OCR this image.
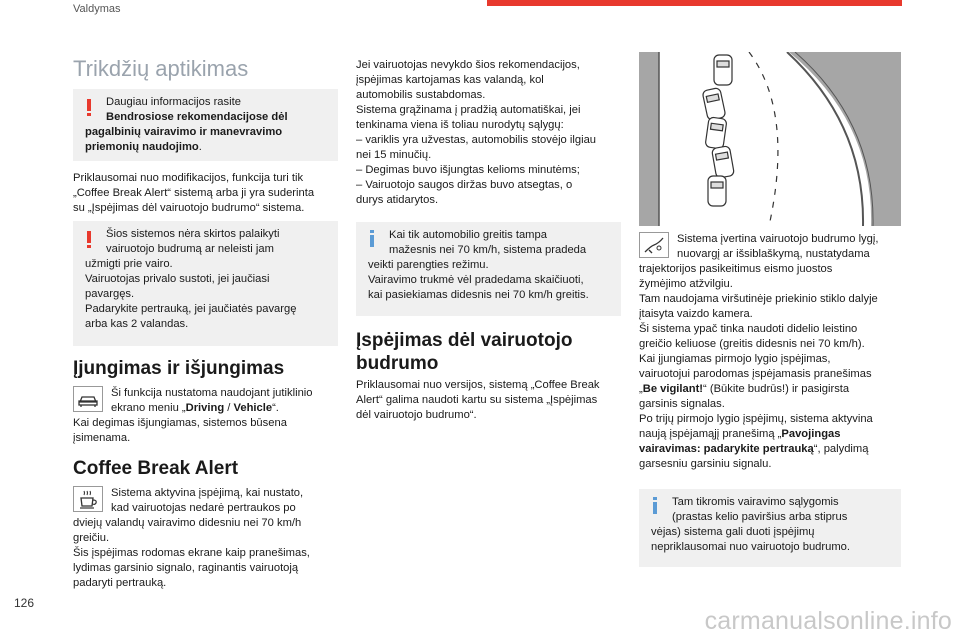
Valdymas
Trikdžių aptikimas
Daugiau informacijos rasite
Bendrosiose rekomendacijose dėl
pagalbinių vairavimo ir manevravimo
priemonių naudojimo.
Priklausomai nuo modifikacijos, funkcija turi tik
„Coffee Break Alert“ sistemą arba ji yra suderinta
su „Įspėjimas dėl vairuotojo budrumo“ sistema.
Šios sistemos nėra skirtos palaikyti
vairuotojo budrumą ar neleisti jam
užmigti prie vairo.
Vairuotojas privalo sustoti, jei jaučiasi
pavargęs.
Padarykite pertrauką, jei jaučiatės pavargę
arba kas 2 valandas.
Įjungimas ir išjungimas
Ši funkcija nustatoma naudojant jutiklinio
ekrano meniu „Driving / Vehicle“.
Kai degimas išjungiamas, sistemos būsena
įsimenama.
Coffee Break Alert
Sistema aktyvina įspėjimą, kai nustato,
kad vairuotojas nedarė pertraukos po
dviejų valandų vairavimo didesniu nei 70 km/h
greičiu.
Šis įspėjimas rodomas ekrane kaip pranešimas,
lydimas garsinio signalo, raginantis vairuotoją
padaryti pertrauką.
Jei vairuotojas nevykdo šios rekomendacijos,
įspėjimas kartojamas kas valandą, kol
automobilis sustabdomas.
Sistema grąžinama į pradžią automatiškai, jei
tenkinama viena iš toliau nurodytų sąlygų:
– variklis yra užvestas, automobilis stovėjo ilgiau
nei 15 minučių.
– Degimas buvo išjungtas kelioms minutėms;
– Vairuotojo saugos diržas buvo atsegtas, o
durys atidarytos.
Kai tik automobilio greitis tampa
mažesnis nei 70 km/h, sistema pradeda
veikti parengties režimu.
Vairavimo trukmė vėl pradedama skaičiuoti,
kai pasiekiamas didesnis nei 70 km/h greitis.
Įspėjimas dėl vairuotojo
budrumo
Priklausomai nuo versijos, sistemą „Coffee Break
Alert“ galima naudoti kartu su sistema „Įspėjimas
dėl vairuotojo budrumo“.
Sistema įvertina vairuotojo budrumo lygį,
nuovargį ar išsiblaškymą, nustatydama
trajektorijos pasikeitimus eismo juostos
žymėjimo atžvilgiu.
Tam naudojama viršutinėje priekinio stiklo dalyje
įtaisyta vaizdo kamera.
Ši sistema ypač tinka naudoti didelio leistino
greičio keliuose (greitis didesnis nei 70 km/h).
Kai įjungiamas pirmojo lygio įspėjimas,
vairuotojui parodomas įspėjamasis pranešimas
„Be vigilant!“ (Būkite budrūs!) ir pasigirsta
garsinis signalas.
Po trijų pirmojo lygio įspėjimų, sistema aktyvina
naują įspėjamąjį pranešimą „Pavojingas
vairavimas: padarykite pertrauką“, palydimą
garsesniu garsiniu signalu.
Tam tikromis vairavimo sąlygomis
(prastas kelio paviršius arba stiprus
vėjas) sistema gali duoti įspėjimų
nepriklausomai nuo vairuotojo budrumo.
126
carmanualsonline.info
